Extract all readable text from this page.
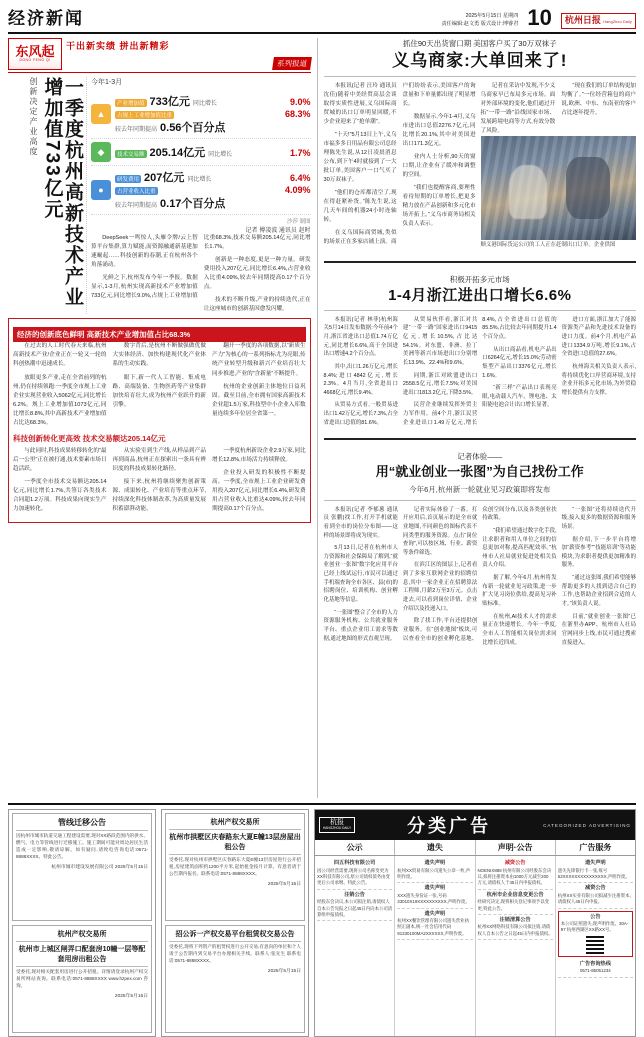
经济新闻	2025年5月15日 星期四
责任编辑:赵文勇 版式设计:博睿君 10	杭州日报 HangZhou Daily
东风起
DONG FENG QI
干出新实绩 拼出新精彩
系列报道
一季度杭州高新技术产业增加值733亿元
创新决定产业高度	今年1-3月
▲
产业增加值 733亿元 同比增长	9.0%
占规上工业增加值比重	68.3%
较去年同期提高 0.56个百分点
◆	技术交易额 205.14亿元 同比增长	1.7%
●
研发费用 207亿元 同比增长	6.4%
占营业收入比重	4.09%
较去年同期提高 0.17个百分点
沙莎 制图
记者 傅凌波 通讯员 赵时

DeepSeek一鸣惊人,头雁令牌/云上智算平台集群,算力赋能,而资源融通新基建加速崛起……科技创新的春潮,正在杭州各个角落涌动。

光鲜之下,杭州发布今年一季报。数据显示,1-3月,杭州实现高新技术产业增加值733亿元,同比增长9.0%,占规上工业增加值比重68.3%,技术交易额205.14亿元,同比增长1.7%。

创新是一种态度,更是一种力量。研发费用投入207亿元,同比增长6.4%,占营业收入比重4.09%,较去年同期提高0.17个百分点。

技术的不断升级,产业的持续迭代,正在让这座城市的创新基因愈发闪耀。

经济的创新底色鲜明 高新技术产业增加值占比68.3%

在过去的人工时代春天来临,杭州高新技术产业/企业正在一轮又一轮的科创热潮中迅速成长。

放眼更多产业,走在全省前列的杭州,仍在持续领跑:一季度全市规上工业企业实现营业收入5062亿元,同比增长6.2%。规上工业增加值1073亿元,同比增长8.8%,其中高新技术产业增加值占比达68.3%。

数字背后,是杭州不断做强做优做大实体经济、加快构建现代化产业体系的生动实践。

眼下,新一代人工智能、集成电路、高端装备、生物医药等产业集群加快培育壮大,成为杭州产业跃升的新引擎。

翻开一季度的各项数据,以“新质生产力”为核心的一系列指标尤为亮眼,传统产业转型升级和新兴产业培育壮大同步推进,产业的“含新量”不断提升。

杭州的企业创新主体地位日益巩固。截至目前,全市拥有国家高新技术企业超1.5万家,科技型中小企业入库数量连续多年位居全省第一。

科技创新转化更高效 技术交易额达205.14亿元

与此同时,科技成果转移转化的“最后一公里”正在被打通,技术要素市场日趋活跃。

一季度全市技术交易额达205.14亿元,同比增长1.7%,共签订各类技术合同超1.2万项。科技成果向现实生产力加速转化。

从实验室到生产线,从样品到产品再到商品,杭州正在探索出一条具有辨识度的科技成果转化路径。

接下来,杭州将继续聚焦创新策源、成果转化、产业培育等重点环节,持续深化科技体制改革,为高质量发展积蓄澎湃动能。

一季度杭州新设企业2.9万家,同比增长12.8%,市场活力持续释放。

企业投入研发的积极性不断提高。一季度,全市规上工业企业研发费用投入207亿元,同比增长6.4%,研发费用占营业收入比重达4.09%,较去年同期提高0.17个百分点。

抓住90天出货窗口期 美国客户买了30万双袜子
义乌商家:大单回来了!

本报讯(记者 汪玲 通讯员 沈佳)随着中美经贸高层会谈取得实质性进展,义乌国际商贸城的出口订单明显回暖,不少企业迎来了“抢单潮”。

“十天!”5月13日上午,义乌市福多多日用品有限公司总经理陈先生说,从12日凌晨消息公布,到下午4时就接到了一大批订单,美国客户一口气买了30万双袜子。

“他们的仓库都清空了,现在得赶紧补货。”陈先生说,这几天车间的机器24小时连轴转。

在义乌国际商贸城,类似的场景正在多家店铺上演。商户们纷纷表示,美国客户的询盘量和下单量都出现了明显增长。

数据显示,今年1-4月,义乌市进出口总值2276.7亿元,同比增长20.1%,其中对美国进出口171.3亿元。

业内人士分析,90天的窗口期,让企业有了缓冲和调整的空间。

“我们也提醒客商,要理性看待短期的订单增长,把更多精力放在产品创新和多元化市场开拓上。”义乌市商务局相关负责人表示。

记者在采访中发现,不少义乌商家早已布局多元市场。面对外部环境的变化,他们通过开拓“一带一路”沿线国家市场、发展跨境电商等方式,有效分散了风险。

“现在我们的订单结构更加均衡了。”一位经营箱包的商户说,欧洲、中东、东南亚的客户占比逐年提升。

顺义港国际货运公司的工人正在赶制出口订单。企业供图
积极开拓多元市场
1-4月浙江进出口增长6.6%

本报讯(记者 林菲)杭州海关5月14日发布数据:今年前4个月,浙江省进出口总值1.74万亿元,同比增长6.6%,高于全国进出口增速4.2个百分点。

其中,出口1.26万亿元,增长8.4%;进口4842亿元,增长2.3%。4月当月,全省进出口4668亿元,增长9.4%。

从贸易方式看,一般贸易进出口1.42万亿元,增长7.3%,占全省进出口总值的81.6%。

从贸易伙伴看,浙江对共建“一带一路”国家进出口9415亿元,增长10.5%,占比达54.1%。对东盟、非洲、拉丁美洲等新兴市场进出口分别增长13.9%、22.4%和9.6%。

同期,浙江对欧盟进出口2558.5亿元,增长7.5%;对美国进出口1813.2亿元,下降3.5%。

民营企业继续发挥外贸主力军作用。前4个月,浙江民营企业进出口1.49万亿元,增长8.4%,占全省进出口总值的85.5%,占比较去年同期提升1.4个百分点。

从出口商品看,机电产品出口6264亿元,增长15.0%;劳动密集型产品出口3376亿元,增长1.6%。

“新三样”产品出口表现亮眼,电动载人汽车、锂电池、太阳能电池合计出口增长显著。

进口方面,浙江加大了能源资源类产品和先进技术设备的进口力度。前4个月,机电产品进口1334.9万吨,增长9.1%,占全省进口总值的27.6%。

杭州海关相关负责人表示,将持续优化口岸营商环境,支持企业开拓多元化市场,为外贸稳增长提供有力支撑。

记者体验——
用“就业创业一张图”为自己找份工作
今年6月,杭州新一轮就业见习政策即将发布

本报讯(记者 李郁葱 通讯员 张鹏)找工作,打开手机就能看到全市的岗位分布图——这样的场景即将成为现实。

5月13日,记者在杭州市人力资源和社会保障局了解到,“就业创业一张图”数字化应用平台已经上线试运行,市民可以通过手机端查询全市各区、县(市)的招聘岗位、培训机构、创业孵化基地等信息。

“一张图”整合了全市的人力资源服务机构、公共就业服务平台、重点企业用工需求等数据,通过地图的形式直观呈现。

记者实际体验了一番。打开应用后,首页展示的是全市就业地图,不同颜色的图标代表不同类型的服务资源。点击“岗位查询”,可以按区域、行业、薪资等条件筛选。

在滨江区的图层上,记者看到了多家互联网企业的招聘信息,其中一家企业正在招聘算法工程师,月薪2万至3万元。点击进去,可以看到岗位详情、企业介绍以及投递入口。

除了找工作,平台还提供创业服务。在“创业地图”板块,可以查看全市的创业孵化基地、众创空间分布,以及各类创业扶持政策。

“我们希望通过数字化手段,让求职者和用人单位之间的信息更加对称,提高匹配效率。”杭州市人社局就业促进处相关负责人介绍。

据了解,今年6月,杭州将发布新一轮就业见习政策,进一步扩大见习岗位供给,提高见习补贴标准。

在杭州,AI技术人才的需求量正在快速增长。今年一季度,全市人工智能相关岗位需求同比增长近四成。

“一张图”还将持续迭代升级,接入更多的数据资源和服务场景。

据介绍,下一步平台将增加“薪资参考”“技能培训”等功能模块,为求职者提供更加精准的服务。

“通过这张图,我们希望能够帮助更多的人找到适合自己的工作,也帮助企业招到合适的人才。”该负责人说。

目前,“就业创业一张图”已在浙里办APP、杭州市人社局官网同步上线,市民可通过搜索直接进入。

管线迁移公告
因杭州市城市轨道交通工程建设需要,现对XX路段范围内的供水、燃气、电力等管线进行迁移施工。施工期间可能对周边居民生活造成一定影响,敬请谅解。如有疑问,请致电咨询电话:0571-8888XXXX。特此公告。
杭州市城市建设发展有限公司 2025年5月15日
杭州产权交易所
杭州市上城区闸弄口配套房10幢一层等配套用房出租公告
受委托,现对相关配套用房进行公开招租。详情请登录杭州产权交易所网站查询。联系电话:0571-8888XXXX www.hzpex.com 咨询。
2025年5月15日
杭州产权交易所
杭州市拱墅区庆春路东大夏E幢13层房屋出租公告
受委托,现对杭州市拱墅区庆春路东大夏E幢13层房屋进行公开招租,房屋建筑面积约1200平方米,起始租金按月计算。有意者请于公告期内报名。联系电话:0571-8888XXXX。
2025年5月15日
招公诉一产权交易平台租赁权交易公告
受委托,现将下列资产的租赁权进行公开交易,有意向的单位和个人请于公告期内到交易平台办理相关手续。联系人:张先生 联系电话:0571-8888XXXX。
2025年5月15日
杭报
HANGZHOU DAILY	分类广告	CATEGORIZED ADVERTISING
公示	遗失	声明·公告	广告服务
四五科技有限公司
因公司经营需要,现将公司名称变更为XX科技有限公司,原公司债权债务由变更后公司承继。特此公告。
注销公告
经股东会决议,本公司拟注销,请债权人自本公告见报之日起45日内向本公司清算组申报债权。
遗失声明
杭州XX贸易有限公司遗失公章一枚,声明作废。
遗失声明
XXX遗失身份证一张,号码33010X19XXXXXXXXXX,声明作废。
遗失声明
杭州XX餐饮管理有限公司遗失营业执照正副本,统一社会信用代码91330100MA2XXXXXX,声明作废。
减资公告
NOENIX888 杭州有限公司经股东会决议,拟将注册资本由1000万元减至200万元,请债权人于45日内申报债权。
杭州市企业信息变更公告
经研究决定,现将相关登记事项予以变更,特此公告。
注销清算公告
杭州XX网络科技有限公司拟注销,请债权人自本公告之日起45日内申报债权。
遗失声明
遗失先锋银行卡一张,账号62XXXXXXXXXXXXXXX,声明作废。
减资公告
杭州XX实业有限公司拟减少注册资本,请债权人45日内申报。
公告
本公司证照遗失,现声明作废。30A-97 杭州西湖区XX路XX号。
广告咨询热线
0571-85051234
